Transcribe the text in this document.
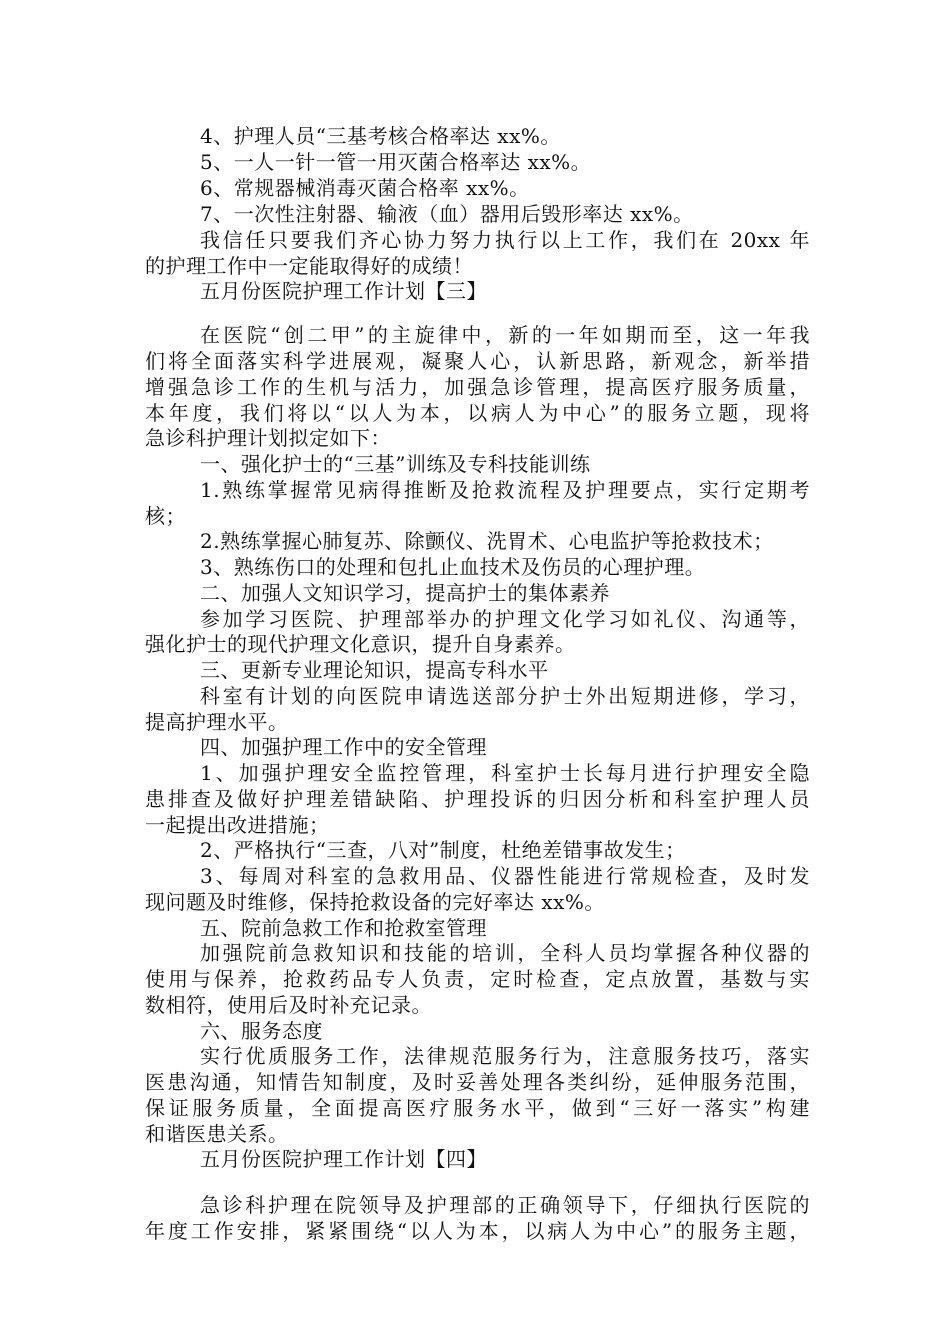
4、护理人员“三基考核合格率达 xx%。
5、一人一针一管一用灭菌合格率达 xx%。
6、常规器械消毒灭菌合格率 xx%。
7、一次性注射器、输液（血）器用后毁形率达 xx%。
我信任只要我们齐心协力努力执行以上工作，我们在 20xx 年
的护理工作中一定能取得好的成绩！
五月份医院护理工作计划【三】
在医院“创二甲”的主旋律中，新的一年如期而至，这一年我
们将全面落实科学进展观，凝聚人心，认新思路，新观念，新举措
增强急诊工作的生机与活力，加强急诊管理，提高医疗服务质量，
本年度，我们将以“以人为本，以病人为中心”的服务立题，现将
急诊科护理计划拟定如下：
一、强化护士的“三基”训练及专科技能训练
1.熟练掌握常见病得推断及抢救流程及护理要点，实行定期考
核；
2.熟练掌握心肺复苏、除颤仪、洗胃术、心电监护等抢救技术；
3、熟练伤口的处理和包扎止血技术及伤员的心理护理。
二、加强人文知识学习，提高护士的集体素养
参加学习医院、护理部举办的护理文化学习如礼仪、沟通等，
强化护士的现代护理文化意识，提升自身素养。
三、更新专业理论知识，提高专科水平
科室有计划的向医院申请选送部分护士外出短期进修，学习，
提高护理水平。
四、加强护理工作中的安全管理
1、加强护理安全监控管理，科室护士长每月进行护理安全隐
患排查及做好护理差错缺陷、护理投诉的归因分析和科室护理人员
一起提出改进措施；
2、严格执行“三查，八对”制度，杜绝差错事故发生；
3、每周对科室的急救用品、仪器性能进行常规检查，及时发
现问题及时维修，保持抢救设备的完好率达 xx%。
五、院前急救工作和抢救室管理
加强院前急救知识和技能的培训，全科人员均掌握各种仪器的
使用与保养，抢救药品专人负责，定时检查，定点放置，基数与实
数相符，使用后及时补充记录。
六、服务态度
实行优质服务工作，法律规范服务行为，注意服务技巧，落实
医患沟通，知情告知制度，及时妥善处理各类纠纷，延伸服务范围，
保证服务质量，全面提高医疗服务水平，做到“三好一落实”构建
和谐医患关系。
五月份医院护理工作计划【四】
急诊科护理在院领导及护理部的正确领导下，仔细执行医院的
年度工作安排，紧紧围绕“以人为本，以病人为中心”的服务主题，
